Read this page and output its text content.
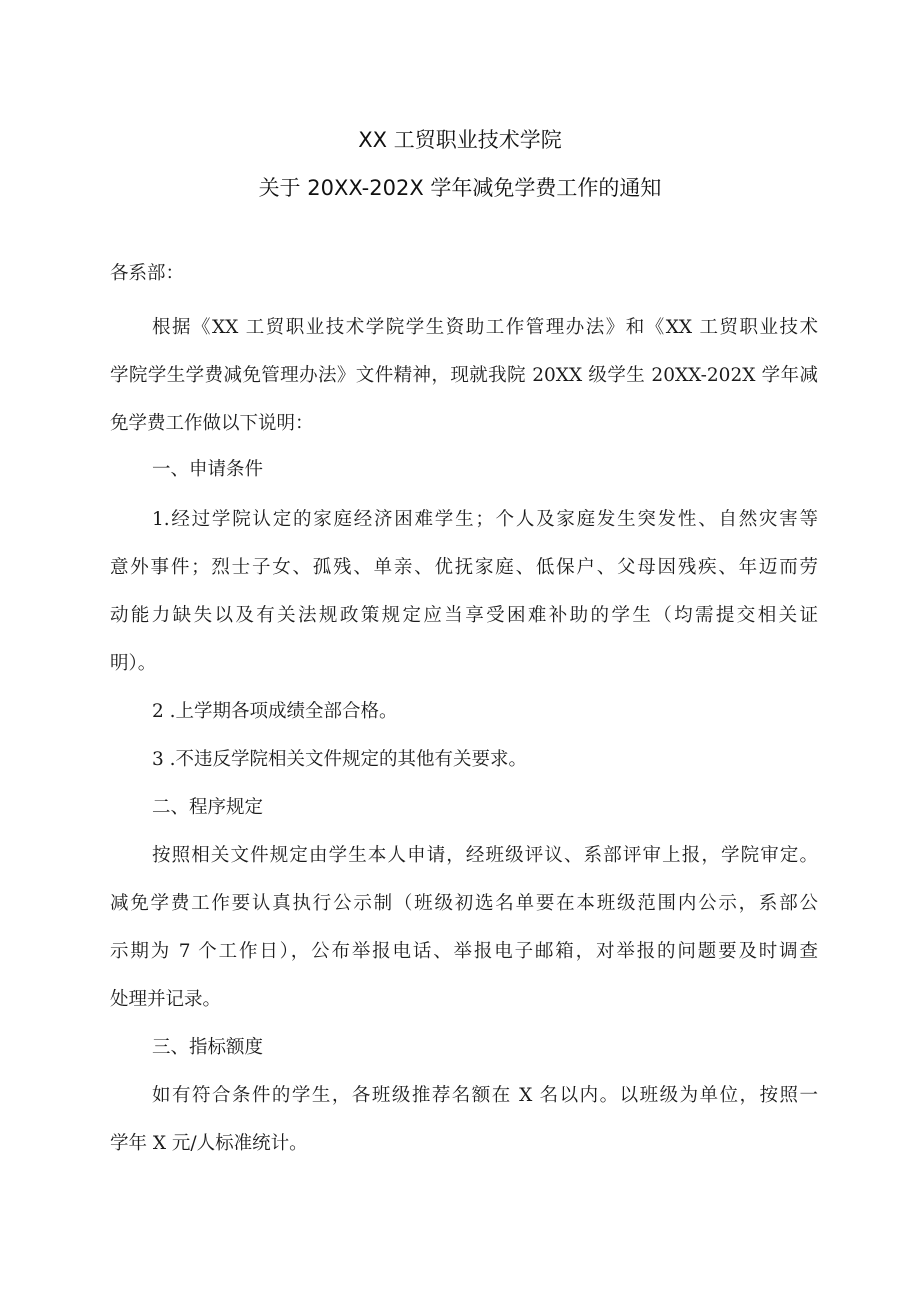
XX 工贸职业技术学院
关于 20XX-202X 学年减免学费工作的通知
各系部：
根据《XX 工贸职业技术学院学生资助工作管理办法》和《XX 工贸职业技术
学院学生学费减免管理办法》文件精神，现就我院 20XX 级学生 20XX-202X 学年减
免学费工作做以下说明：
一、申请条件
1.经过学院认定的家庭经济困难学生；个人及家庭发生突发性、自然灾害等
意外事件；烈士子女、孤残、单亲、优抚家庭、低保户、父母因残疾、年迈而劳
动能力缺失以及有关法规政策规定应当享受困难补助的学生（均需提交相关证
明）。
2 .上学期各项成绩全部合格。
3 .不违反学院相关文件规定的其他有关要求。
二、程序规定
按照相关文件规定由学生本人申请，经班级评议、系部评审上报，学院审定。
减免学费工作要认真执行公示制（班级初选名单要在本班级范围内公示，系部公
示期为 7 个工作日），公布举报电话、举报电子邮箱，对举报的问题要及时调查
处理并记录。
三、指标额度
如有符合条件的学生，各班级推荐名额在 X 名以内。以班级为单位，按照一
学年 X 元/人标准统计。
